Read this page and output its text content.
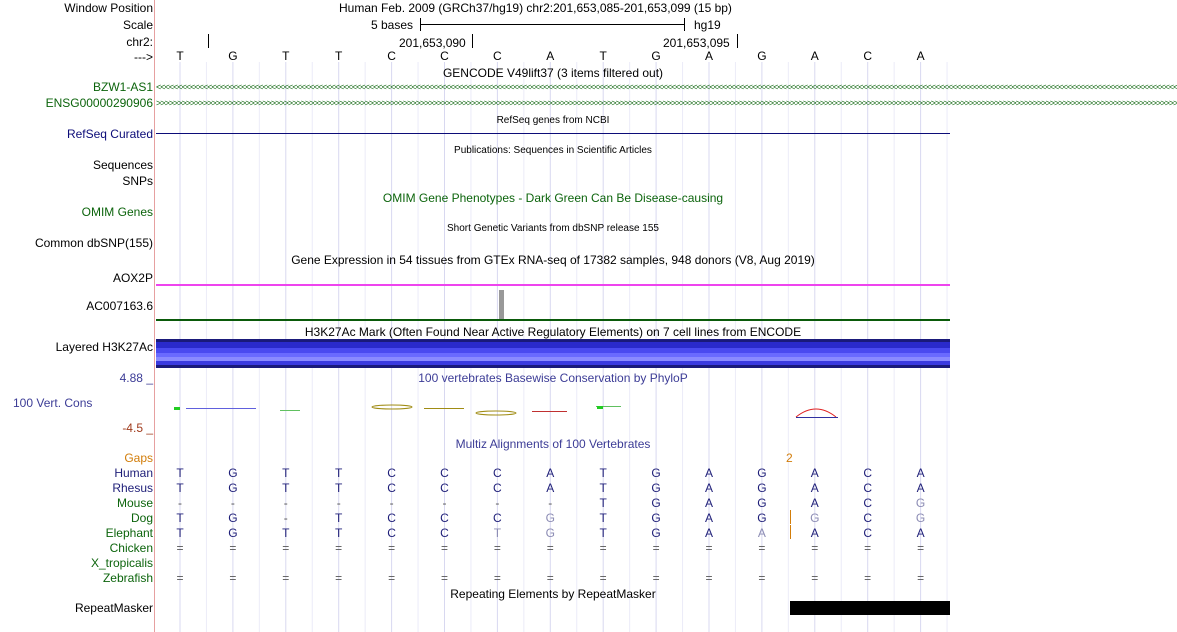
Window Position	Human Feb. 2009 (GRCh37/hg19) chr2:201,653,085-201,653,099 (15 bp)
Scale	5 bases	hg19
chr2:	201,653,090	201,653,095
--->	T	G	T	T	C	C	C	A	T	G	A	G	A	C	A
GENCODE V49lift37 (3 items filtered out)
BZW1-AS1 <<<<<<<<<<<<<<<<<<<<<<<<<<<<<<<<<<<<<<<<<<<<<<<<<<<<<<<<<<<<<<<<<<<<<<<<<<<<<<<<<<<<<<<<<<<<<<<<<<<<<<<<<<<<<<<<<<<<<<<<<<<<<<<<<<<<<<<<<<<<<<<<<<<<<<<<<<<<<<<<<<<<<<<<<<<<<<<<<<<<<<<<<<<<<<<<<<<<<<<<<<<<<<<<<<<<<<<<<<<<<<<<<<<<<<<<<<<<<<<<
ENSG00000290906 >>>>>>>>>>>>>>>>>>>>>>>>>>>>>>>>>>>>>>>>>>>>>>>>>>>>>>>>>>>>>>>>>>>>>>>>>>>>>>>>>>>>>>>>>>>>>>>>>>>>>>>>>>>>>>>>>>>>>>>>>>>>>>>>>>>>>>>>>>>>>>>>>>>>>>>>>>>>>>>>>>>>>>>>>>>>>>>>>>>>>>>>>>>>>>>>>>>>>>>>>>>>>>>>>>>>>>>>>>>>>>>>>>>>>>>>>>>>>>>>
RefSeq genes from NCBI
RefSeq Curated
Publications: Sequences in Scientific Articles
Sequences
SNPs
OMIM Gene Phenotypes - Dark Green Can Be Disease-causing
OMIM Genes
Short Genetic Variants from dbSNP release 155
Common dbSNP(155)
Gene Expression in 54 tissues from GTEx RNA-seq of 17382 samples, 948 donors (V8, Aug 2019)
AOX2P
AC007163.6
H3K27Ac Mark (Often Found Near Active Regulatory Elements) on 7 cell lines from ENCODE
Layered H3K27Ac
4.88 _	100 vertebrates Basewise Conservation by PhyloP
100 Vert. Cons
-4.5 _
Multiz Alignments of 100 Vertebrates
Gaps	2
Human	T	G	T	T	C	C	C	A	T	G	A	G	A	C	A
Rhesus	T	G	T	T	C	C	C	A	T	G	A	G	A	C	A
Mouse	-	-	-	-	-	-	-	-	T	G	A	G	A	C	G
Dog	T	G	-	T	C	C	C	G	T	G	A	G	G	C	G
Elephant	T	G	T	T	C	C	T	G	T	G	A	A	A	C	A
Chicken	=	=	=	=	=	=	=	=	=	=	=	=	=	=	=
X_tropicalis
Zebrafish	=	=	=	=	=	=	=	=	=	=	=	=	=	=	=
Repeating Elements by RepeatMasker
RepeatMasker
